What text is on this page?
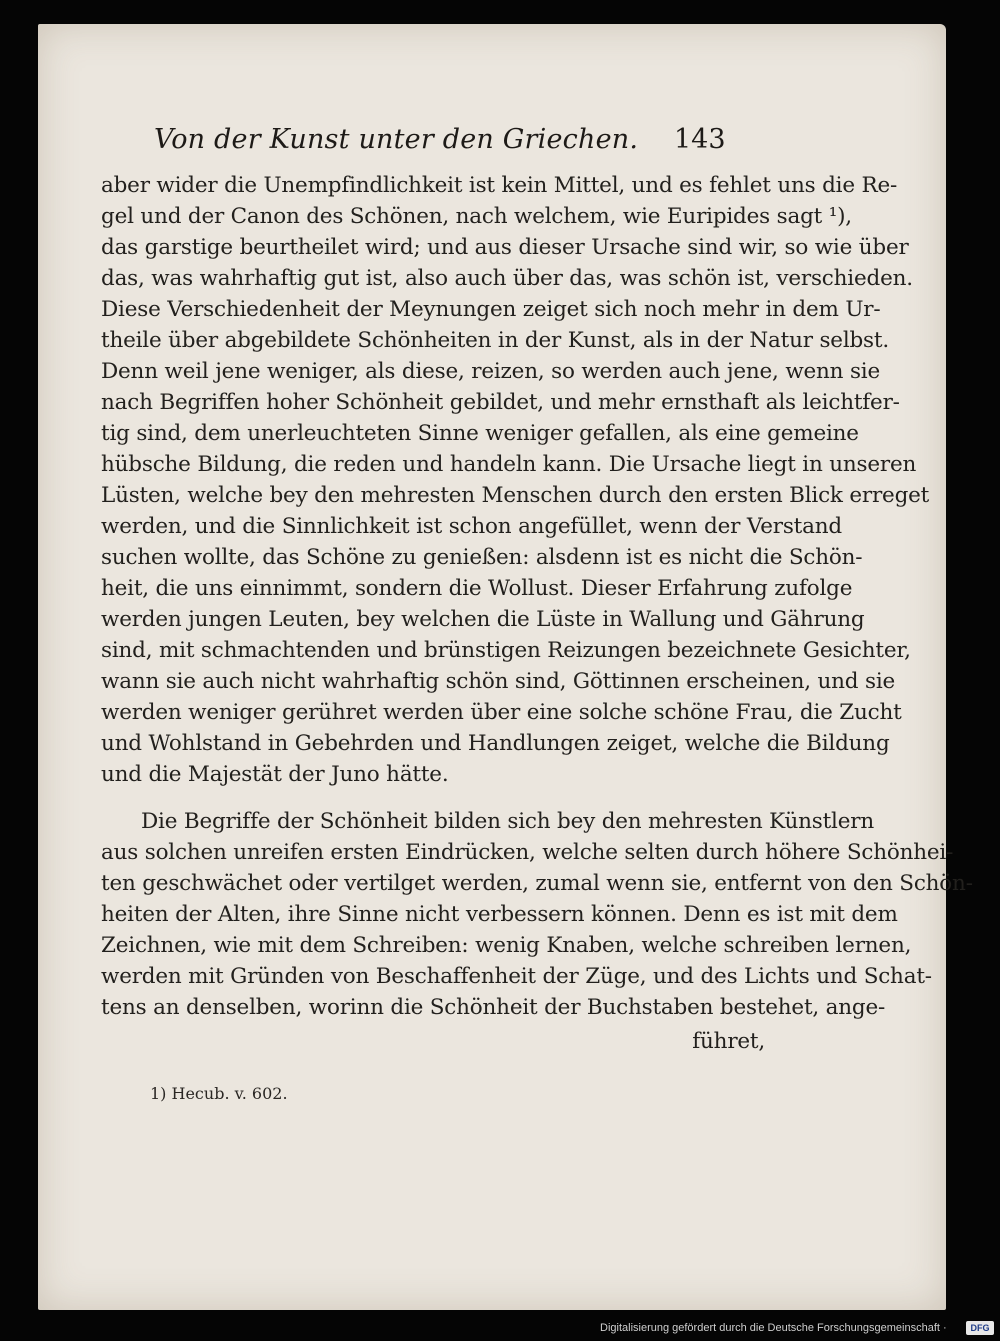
Von der Kunst unter den Griechen. 143
aber wider die Unempfindlichkeit ist kein Mittel, und es fehlet uns die Re-
gel und der Canon des Schönen, nach welchem, wie Euripides sagt ¹),
das garstige beurtheilet wird; und aus dieser Ursache sind wir, so wie über
das, was wahrhaftig gut ist, also auch über das, was schön ist, verschieden.
Diese Verschiedenheit der Meynungen zeiget sich noch mehr in dem Ur-
theile über abgebildete Schönheiten in der Kunst, als in der Natur selbst.
Denn weil jene weniger, als diese, reizen, so werden auch jene, wenn sie
nach Begriffen hoher Schönheit gebildet, und mehr ernsthaft als leichtfer-
tig sind, dem unerleuchteten Sinne weniger gefallen, als eine gemeine
hübsche Bildung, die reden und handeln kann. Die Ursache liegt in unseren
Lüsten, welche bey den mehresten Menschen durch den ersten Blick erreget
werden, und die Sinnlichkeit ist schon angefüllet, wenn der Verstand
suchen wollte, das Schöne zu genießen: alsdenn ist es nicht die Schön-
heit, die uns einnimmt, sondern die Wollust. Dieser Erfahrung zufolge
werden jungen Leuten, bey welchen die Lüste in Wallung und Gährung
sind, mit schmachtenden und brünstigen Reizungen bezeichnete Gesichter,
wann sie auch nicht wahrhaftig schön sind, Göttinnen erscheinen, und sie
werden weniger gerühret werden über eine solche schöne Frau, die Zucht
und Wohlstand in Gebehrden und Handlungen zeiget, welche die Bildung
und die Majestät der Juno hätte.
Die Begriffe der Schönheit bilden sich bey den mehresten Künstlern
aus solchen unreifen ersten Eindrücken, welche selten durch höhere Schönhei-
ten geschwächet oder vertilget werden, zumal wenn sie, entfernt von den Schön-
heiten der Alten, ihre Sinne nicht verbessern können. Denn es ist mit dem
Zeichnen, wie mit dem Schreiben: wenig Knaben, welche schreiben lernen,
werden mit Gründen von Beschaffenheit der Züge, und des Lichts und Schat-
tens an denselben, worinn die Schönheit der Buchstaben bestehet, ange-
führet,
1) Hecub. v. 602.
Digitalisierung gefördert durch die Deutsche Forschungsgemeinschaft ·	DFG
